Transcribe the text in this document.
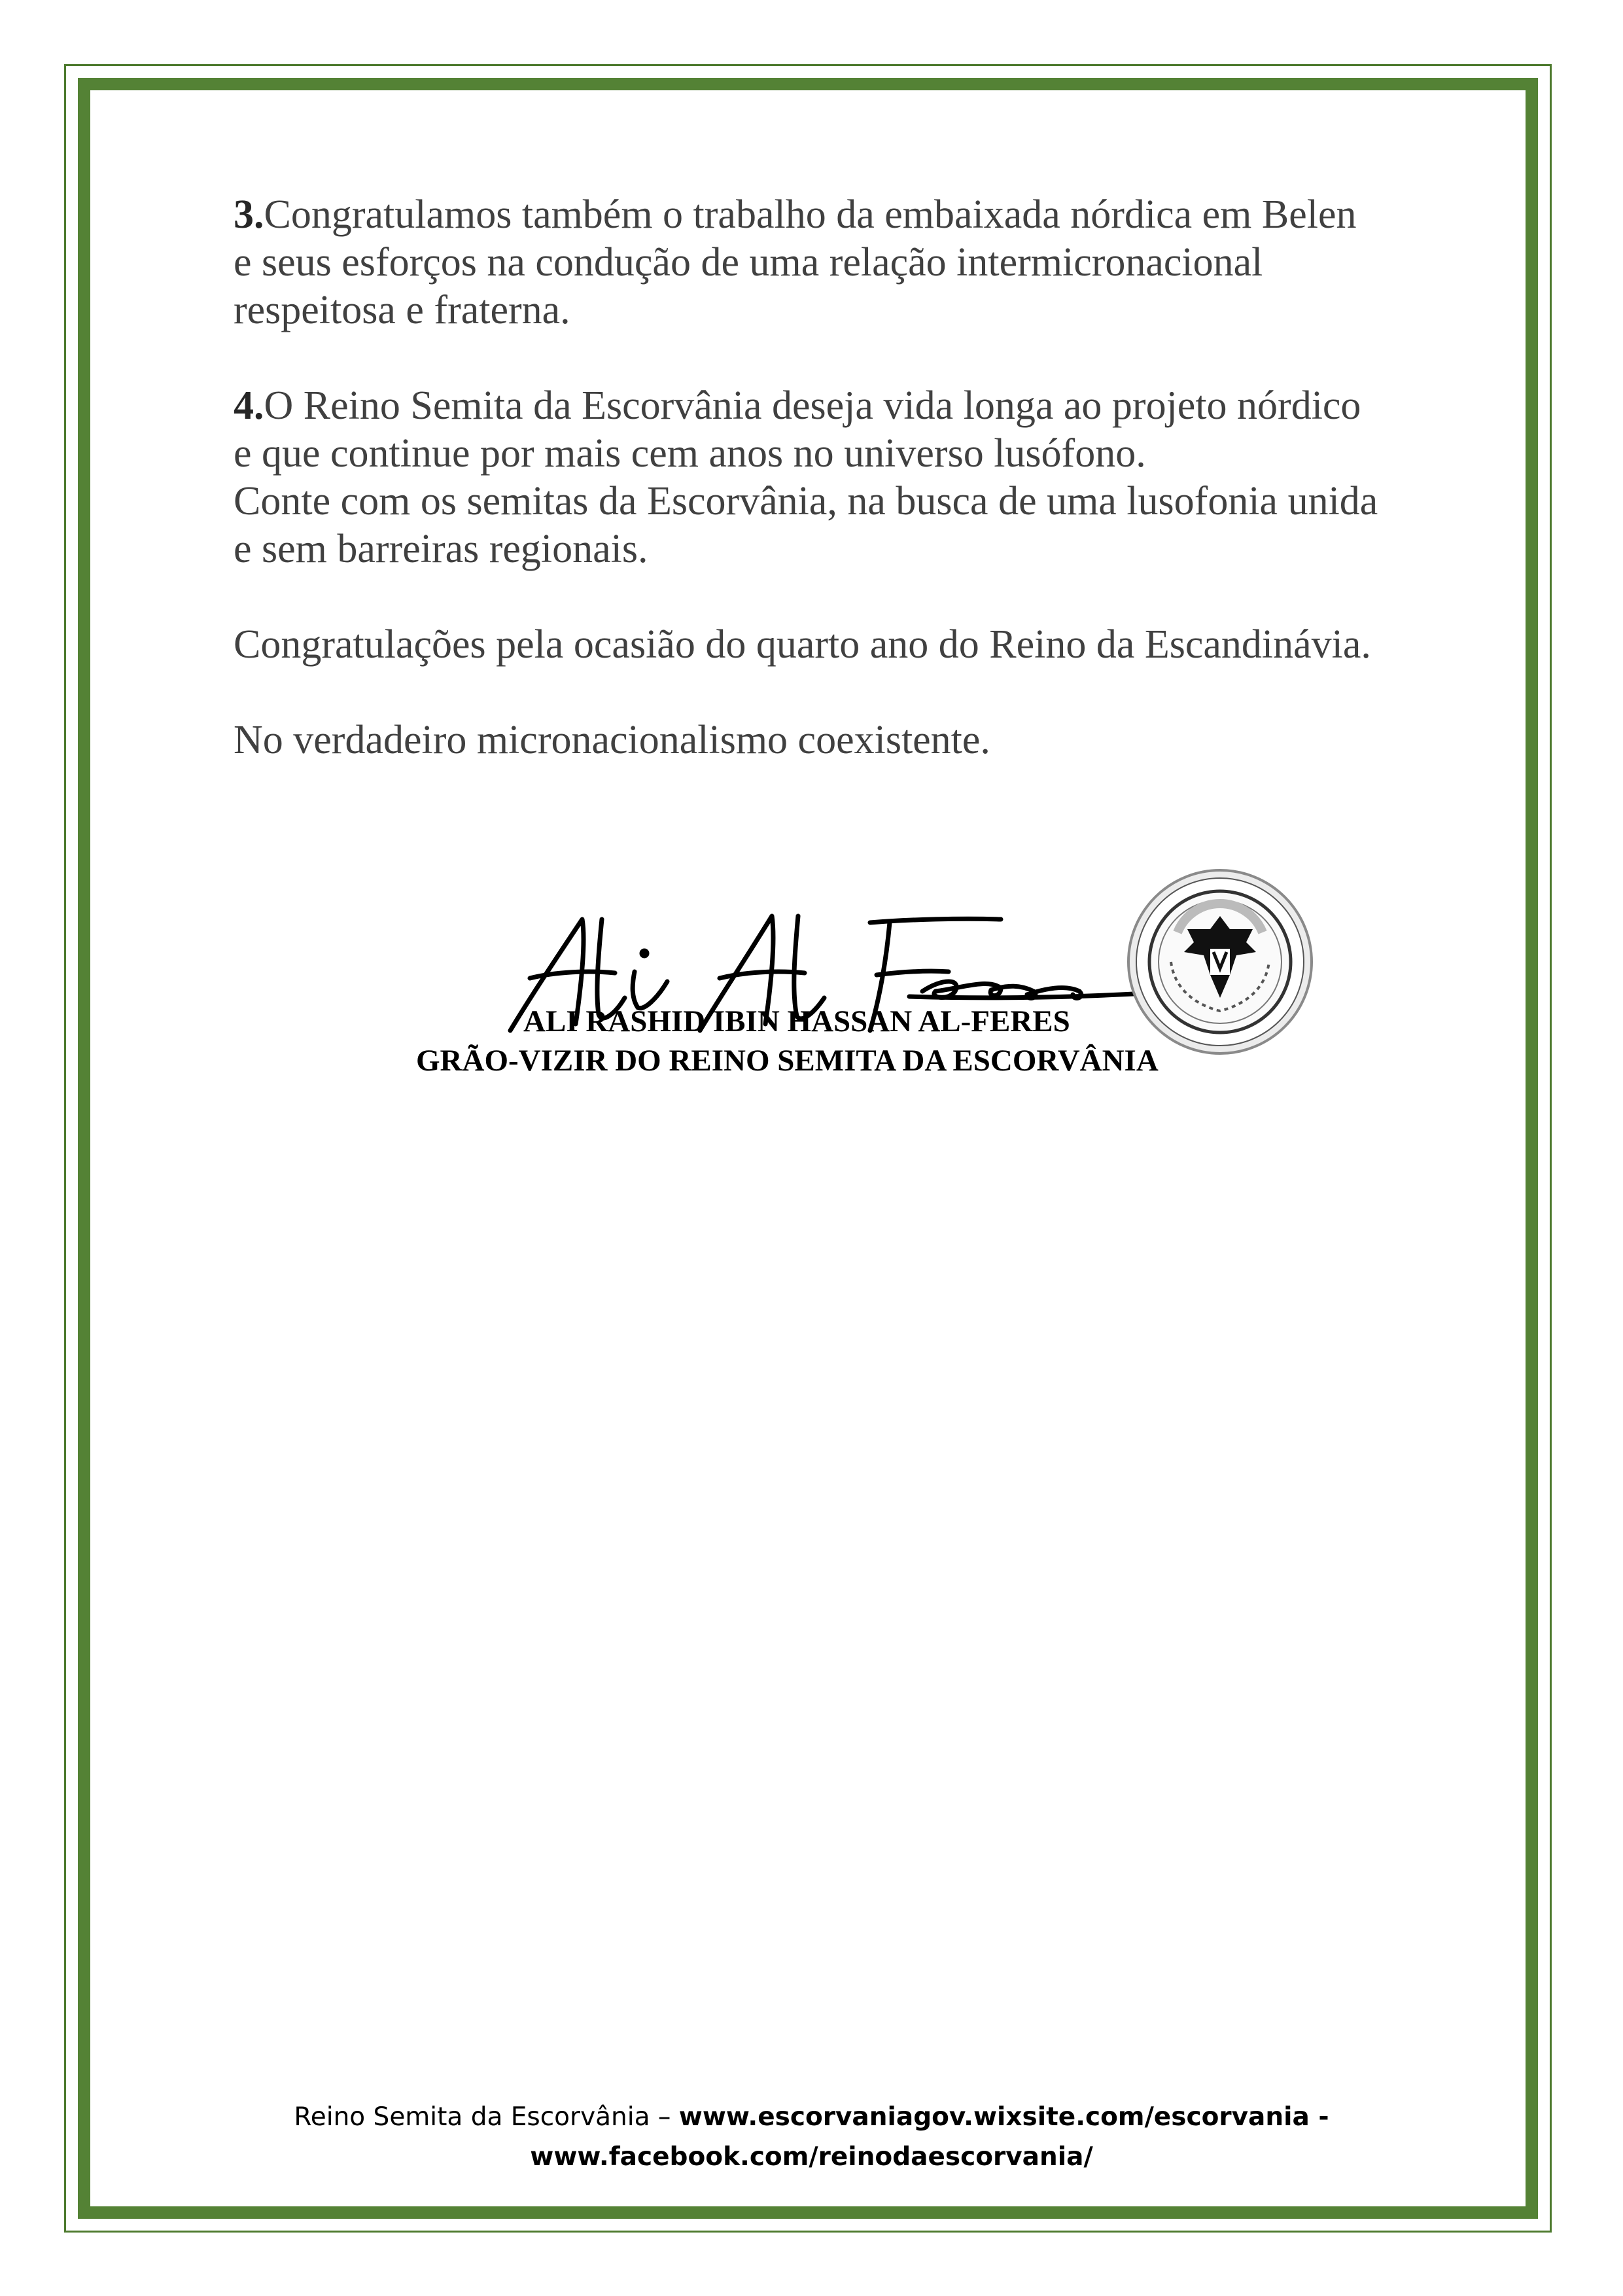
3.Congratulamos também o trabalho da embaixada nórdica em Belen
e seus esforços na condução de uma relação intermicronacional
respeitosa e fraterna.

4.O Reino Semita da Escorvânia deseja vida longa ao projeto nórdico
e que continue por mais cem anos no universo lusófono.
Conte com os semitas da Escorvânia, na busca de uma lusofonia unida
e sem barreiras regionais.

Congratulações pela ocasião do quarto ano do Reino da Escandinávia.

No verdadeiro micronacionalismo coexistente.

ALI RASHID IBIN HASSAN AL-FERES
GRÃO-VIZIR DO REINO SEMITA DA ESCORVÂNIA
Reino Semita da Escorvânia – www.escorvaniagov.wixsite.com/escorvania -
www.facebook.com/reinodaescorvania/
